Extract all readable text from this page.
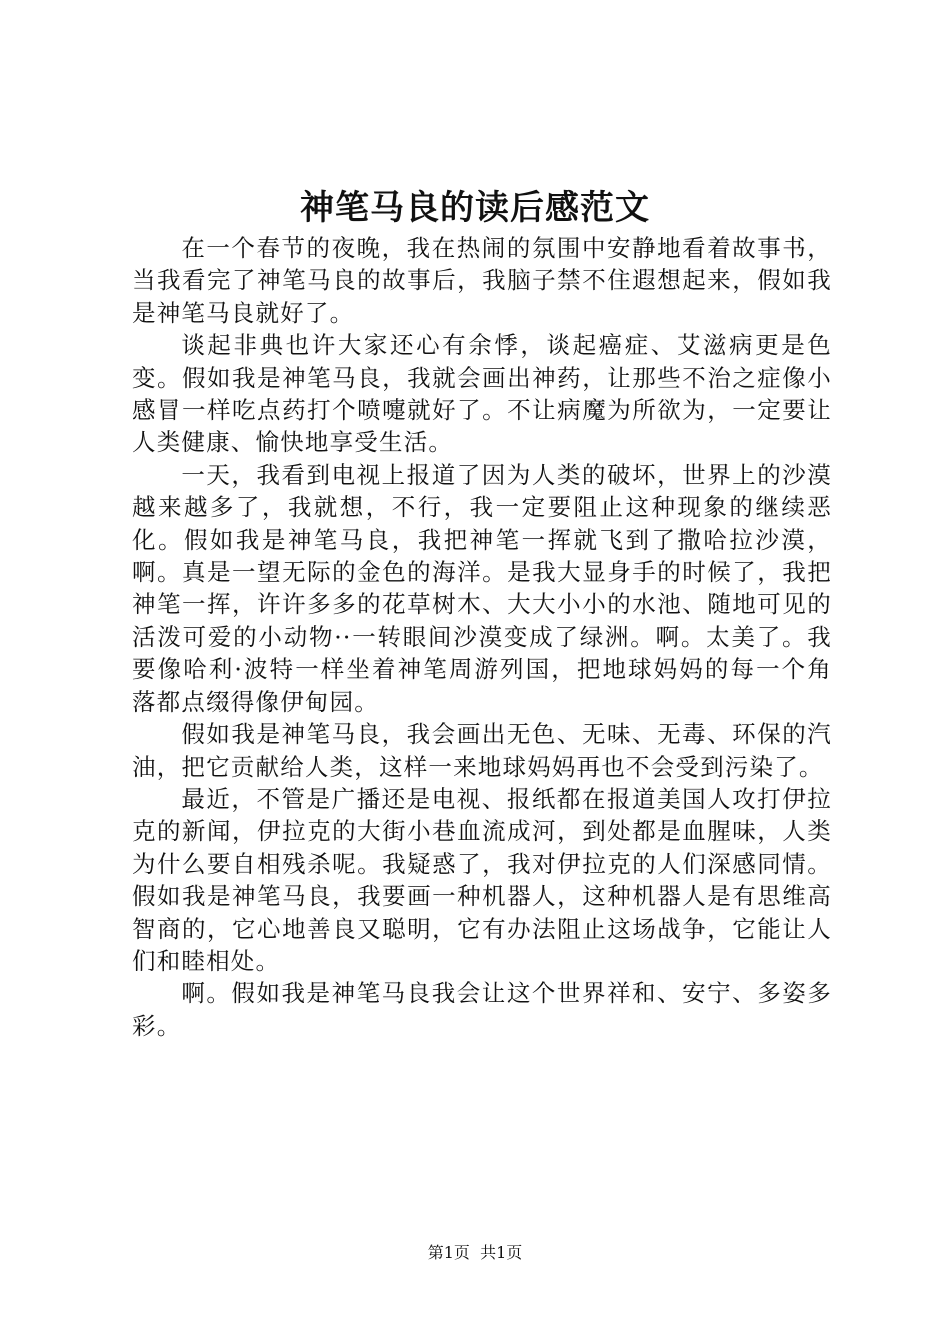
神笔马良的读后感范文

在一个春节的夜晚，我在热闹的氛围中安静地看着故事书，当我看完了神笔马良的故事后，我脑子禁不住遐想起来，假如我是神笔马良就好了。

谈起非典也许大家还心有余悸，谈起癌症、艾滋病更是色变。假如我是神笔马良，我就会画出神药，让那些不治之症像小感冒一样吃点药打个喷嚏就好了。不让病魔为所欲为，一定要让人类健康、愉快地享受生活。

一天，我看到电视上报道了因为人类的破坏，世界上的沙漠越来越多了，我就想，不行，我一定要阻止这种现象的继续恶化。假如我是神笔马良，我把神笔一挥就飞到了撒哈拉沙漠，啊。真是一望无际的金色的海洋。是我大显身手的时候了，我把神笔一挥，许许多多的花草树木、大大小小的水池、随地可见的活泼可爱的小动物··一转眼间沙漠变成了绿洲。啊。太美了。我要像哈利·波特一样坐着神笔周游列国，把地球妈妈的每一个角落都点缀得像伊甸园。

假如我是神笔马良，我会画出无色、无味、无毒、环保的汽油，把它贡献给人类，这样一来地球妈妈再也不会受到污染了。

最近，不管是广播还是电视、报纸都在报道美国人攻打伊拉克的新闻，伊拉克的大街小巷血流成河，到处都是血腥味，人类为什么要自相残杀呢。我疑惑了，我对伊拉克的人们深感同情。假如我是神笔马良，我要画一种机器人，这种机器人是有思维高智商的，它心地善良又聪明，它有办法阻止这场战争，它能让人们和睦相处。

啊。假如我是神笔马良我会让这个世界祥和、安宁、多姿多彩。

第1页 共1页
